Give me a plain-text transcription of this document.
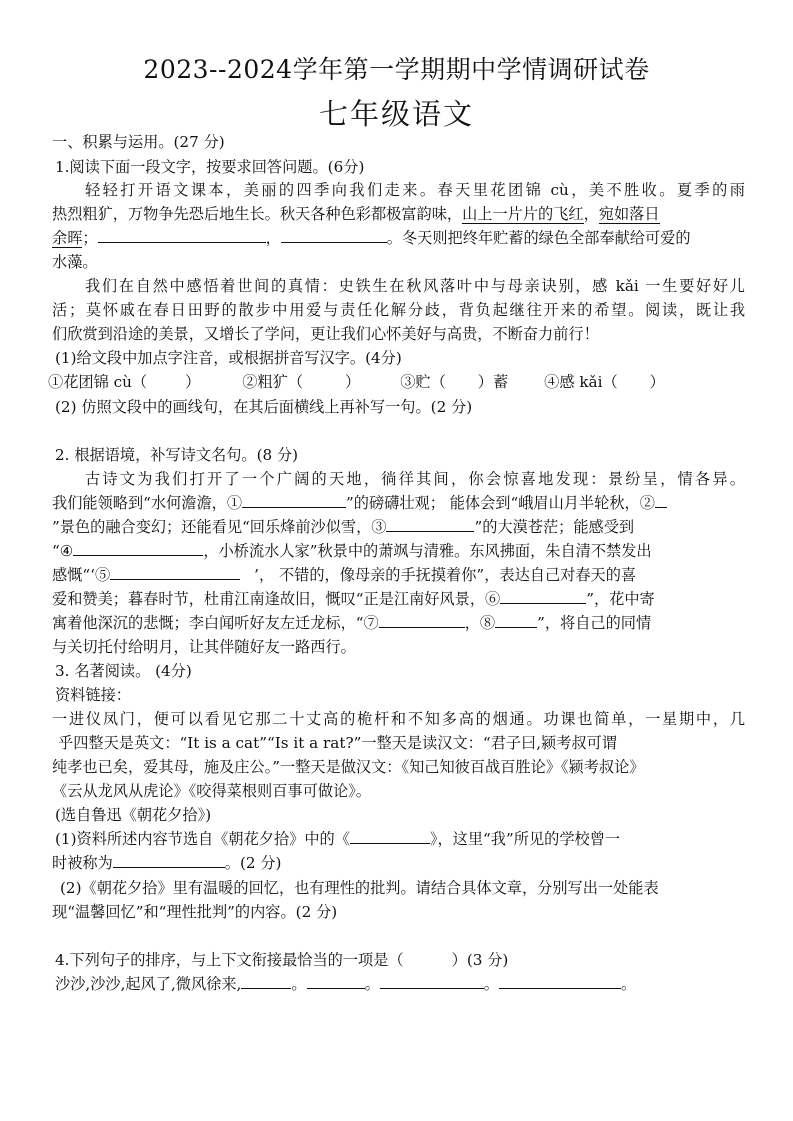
2023--2024学年第一学期期中学情调研试卷
七年级语文
一、积累与运用。(27 分)
1.阅读下面一段文字，按要求回答问题。(6分)
轻轻打开语文课本，美丽的四季向我们走来。春天里花团锦 cù，美不胜收。夏季的雨
热烈粗犷，万物争先恐后地生长。秋天各种色彩都极富韵味，山上一片片的飞红，宛如落日
余晖；	，	。冬天则把终年贮蓄的绿色全部奉献给可爱的
水藻。
我们在自然中感悟着世间的真情：史铁生在秋风落叶中与母亲诀别，感 kǎi 一生要好好儿
活；莫怀戚在春日田野的散步中用爱与责任化解分歧，背负起继往开来的希望。阅读，既让我
们欣赏到沿途的美景，又增长了学问，更让我们心怀美好与高贵，不断奋力前行！
(1)给文段中加点字注音，或根据拼音写汉字。(4分)
①花团锦 cù（	）	②粗犷（	）	③贮（ ）蓄 ④感 kǎi（ ）
(2) 仿照文段中的画线句，在其后面横线上再补写一句。(2 分)
2. 根据语境，补写诗文名句。(8 分)
古诗文为我们打开了一个广阔的天地，徜徉其间，你会惊喜地发现：景纷呈，情各异。
我们能领略到“水何澹澹，①	”的磅礴壮观； 能体会到“峨眉山月半轮秋，②
”景色的融合变幻；还能看见“回乐烽前沙似雪，③	”的大漠苍茫；能感受到
“④	，小桥流水人家”秋景中的萧飒与清雅。东风拂面，朱自清不禁发出
感慨“‘⑤	’， 不错的，像母亲的手抚摸着你”，表达自己对春天的喜
爱和赞美；暮春时节，杜甫江南逢故旧，慨叹“正是江南好风景，⑥	”，花中寄
寓着他深沉的悲慨；李白闻听好友左迁龙标，“⑦	，⑧	”，将自己的同情
与关切托付给明月，让其伴随好友一路西行。
3. 名著阅读。 (4分)
资料链接：
一进仪凤门，便可以看见它那二十丈高的桅杆和不知多高的烟通。功课也简单，一星期中，几
乎四整天是英文：“It is a cat”“Is it a rat?”一整天是读汉文：“君子曰,颍考叔可谓
纯孝也已矣，爱其母，施及庄公。”一整天是做汉文：《知己知彼百战百胜论》《颍考叔论》
《云从龙风从虎论》《咬得菜根则百事可做论》。
(选自鲁迅《朝花夕拾》)
(1)资料所述内容节选自《朝花夕拾》中的《	》，这里“我”所见的学校曾一
时被称为	。(2 分)
(2)《朝花夕拾》里有温暖的回忆，也有理性的批判。请结合具体文章，分别写出一处能表
现“温馨回忆”和“理性批判”的内容。(2 分)
4.下列句子的排序，与上下文衔接最恰当的一项是（	）(3 分)
沙沙,沙沙,起风了,微风徐来,	。	。	。	。
